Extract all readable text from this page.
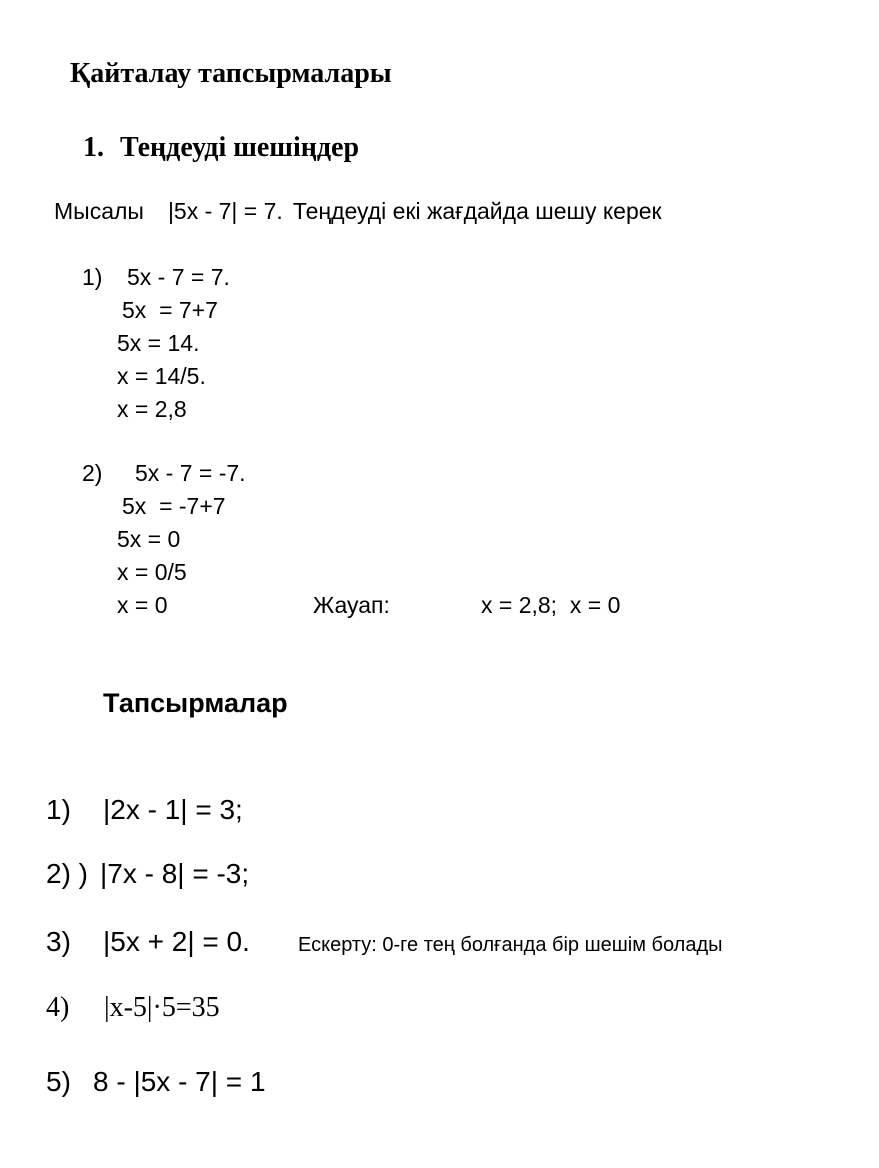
Қайталау тапсырмалары
1. Теңдеуді шешіңдер
Мысалы |5x - 7| = 7. Теңдеуді екі жағдайда шешу керек
1) 5x - 7 = 7.
5x  = 7+7
5x = 14.
x = 14/5.
x = 2,8
2) 5x - 7 = -7.
5x  = -7+7
5x = 0
x = 0/5
x = 0	Жауап:	x = 2,8;  x = 0
Тапсырмалар
1) |2x - 1| = 3;
2) ) |7x - 8| = -3;
3) |5x + 2| = 0. Ескерту: 0-ге тең болғанда бір шешім болады
4) |x-5|·5=35
5) 8 - |5x - 7| = 1
